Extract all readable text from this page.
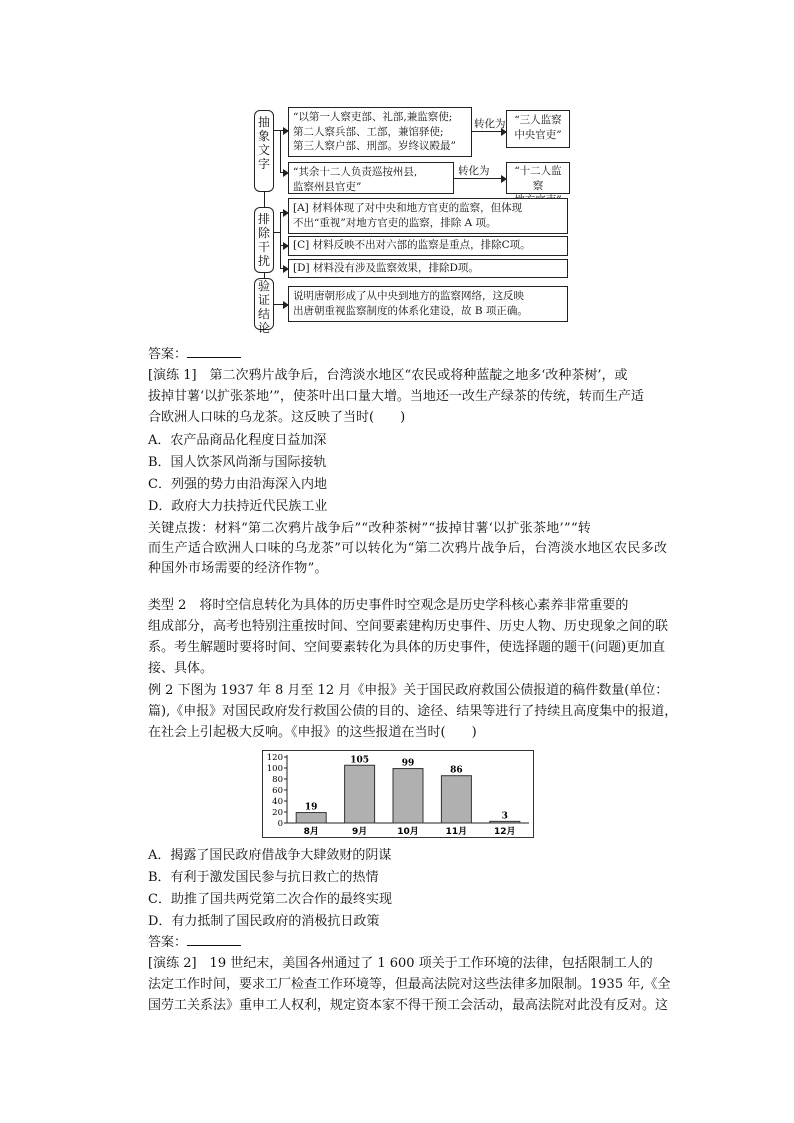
抽
象
文
字
排
除
干
扰
验
证
结
论
“以第一人察吏部、礼部,兼监察使;
第二人察兵部、工部，兼馆驿使;
第三人察户部、刑部。岁终议殿最”
转化为 “三人监察
中央官吏”
“其余十二人负责巡按州县,
监察州县官吏”
转化为	“十二人监察
[A] 材料体现了对中央和地方官吏的监察，但体现
不出“重视”对地方官吏的监察，排除 A 项。
[C] 材料反映不出对六部的监察是重点，排除C项。
[D] 材料没有涉及监察效果，排除D项。
说明唐朝形成了从中央到地方的监察网络，这反映
出唐朝重视监察制度的体系化建设，故 B 项正确。

答案：

[演练 1]　第二次鸦片战争后，台湾淡水地区“农民或将种蓝靛之地多‘改种茶树’，或

拔掉甘薯‘以扩张茶地’”，使茶叶出口量大增。当地还一改生产绿茶的传统，转而生产适

合欧洲人口味的乌龙茶。这反映了当时(　　)

A．农产品商品化程度日益加深

B．国人饮茶风尚渐与国际接轨

C．列强的势力由沿海深入内地

D．政府大力扶持近代民族工业

关键点拨：材料“第二次鸦片战争后”“改种茶树”“拔掉甘薯‘以扩张茶地’”“转

而生产适合欧洲人口味的乌龙茶”可以转化为“第二次鸦片战争后，台湾淡水地区农民多改

种国外市场需要的经济作物”。

类型 2　将时空信息转化为具体的历史事件时空观念是历史学科核心素养非常重要的

组成部分，高考也特别注重按时间、空间要素建构历史事件、历史人物、历史现象之间的联

系。考生解题时要将时间、空间要素转化为具体的历史事件，使选择题的题干(问题)更加直

接、具体。

例 2 下图为 1937 年 8 月至 12 月《申报》关于国民政府救国公债报道的稿件数量(单位：

篇),《申报》对国民政府发行救国公债的目的、途径、结果等进行了持续且高度集中的报道，

在社会上引起极大反响。《申报》的这些报道在当时(　　)

120
100
80
60
40
20
0
19
8月
105
9月
99
10月
86
11月
3
12月

A．揭露了国民政府借战争大肆敛财的阴谋

B．有利于激发国民参与抗日救亡的热情

C．助推了国共两党第二次合作的最终实现

D．有力抵制了国民政府的消极抗日政策

答案：

[演练 2]　19 世纪末，美国各州通过了 1 600 项关于工作环境的法律，包括限制工人的

法定工作时间，要求工厂检查工作环境等，但最高法院对这些法律多加限制。1935 年,《全

国劳工关系法》重申工人权利，规定资本家不得干预工会活动，最高法院对此没有反对。这
